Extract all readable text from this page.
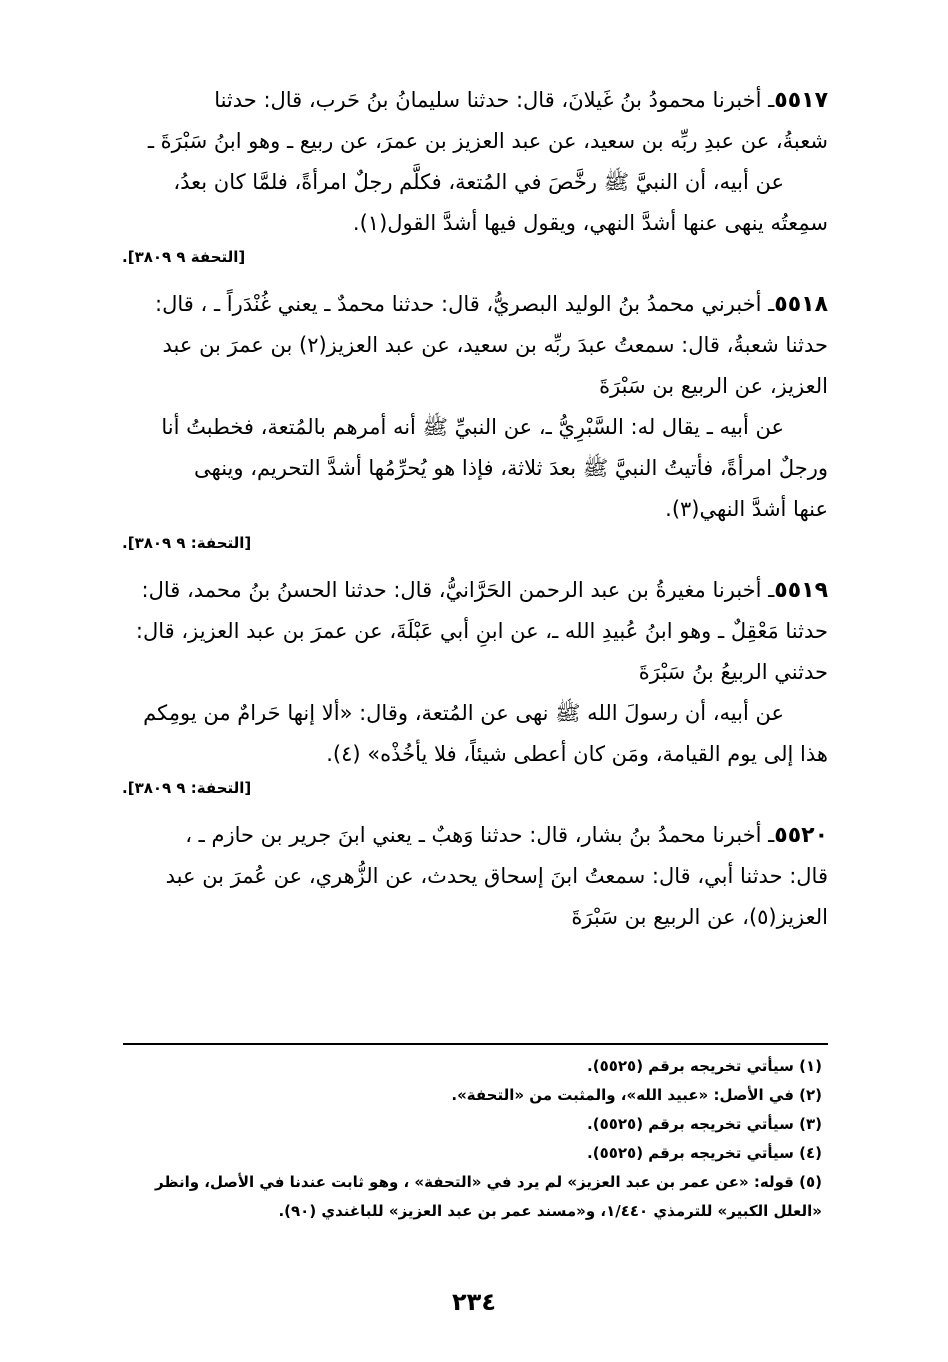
٥٥١٧ـ أخبرنا محمودُ بنُ غَيلانَ، قال: حدثنا سليمانُ بنُ حَرب، قال: حدثنا
شعبةُ، عن عبدِ ربِّه بن سعيد، عن عبد العزيز بن عمرَ، عن ربيع ـ وهو ابنُ سَبْرَةَ ـ
عن أبيه، أن النبيَّ ﷺ رخَّصَ في المُتعة، فكلَّم رجلٌ امرأةً، فلمَّا كان بعدُ،
سمِعتُه ينهى عنها أشدَّ النهي، ويقول فيها أشدَّ القول(١).
[التحفة ٩ ٣٨٠٩].
٥٥١٨ـ أخبرني محمدُ بنُ الوليد البصريُّ، قال: حدثنا محمدٌ ـ يعني غُنْدَراً ـ ، قال:
حدثنا شعبةُ، قال: سمعتُ عبدَ ربِّه بن سعيد، عن عبد العزيز(٢) بن عمرَ بن عبد
العزيز، عن الربيع بن سَبْرَةَ
عن أبيه ـ يقال له: السَّبْرِيُّ ـ، عن النبيِّ ﷺ أنه أمرهم بالمُتعة، فخطبتُ أنا
ورجلٌ امرأةً، فأتيتُ النبيَّ ﷺ بعدَ ثلاثة، فإذا هو يُحرِّمُها أشدَّ التحريم، وينهى
عنها أشدَّ النهي(٣).
[التحفة: ٩ ٣٨٠٩].
٥٥١٩ـ أخبرنا مغيرةُ بن عبد الرحمن الحَرَّانيُّ، قال: حدثنا الحسنُ بنُ محمد، قال:
حدثنا مَعْقِلٌ ـ وهو ابنُ عُبيدِ الله ـ، عن ابنِ أبي عَبْلَةَ، عن عمرَ بن عبد العزيز، قال:
حدثني الربيعُ بنُ سَبْرَةَ
عن أبيه، أن رسولَ الله ﷺ نهى عن المُتعة، وقال: «ألا إنها حَرامٌ من يومِكم
هذا إلى يوم القيامة، ومَن كان أعطى شيئاً، فلا يأخُذْه» (٤).
[التحفة: ٩ ٣٨٠٩].
٥٥٢٠ـ أخبرنا محمدُ بنُ بشار، قال: حدثنا وَهبٌ ـ يعني ابنَ جرير بن حازم ـ ،
قال: حدثنا أبي، قال: سمعتُ ابنَ إسحاق يحدث، عن الزُّهري، عن عُمرَ بن عبد
العزيز(٥)، عن الربيع بن سَبْرَةَ
(١) سيأتي تخريجه برقم (٥٥٢٥).
(٢) في الأصل: «عبيد الله»، والمثبت من «التحفة».
(٣) سيأتي تخريجه برقم (٥٥٢٥).
(٤) سيأتي تخريجه برقم (٥٥٢٥).
(٥) قوله: «عن عمر بن عبد العزيز» لم يرد في «التحفة» ، وهو ثابت عندنا في الأصل، وانظر
«العلل الكبير» للترمذي ١/٤٤٠، و«مسند عمر بن عبد العزيز» للباغندي (٩٠).
٢٣٤
